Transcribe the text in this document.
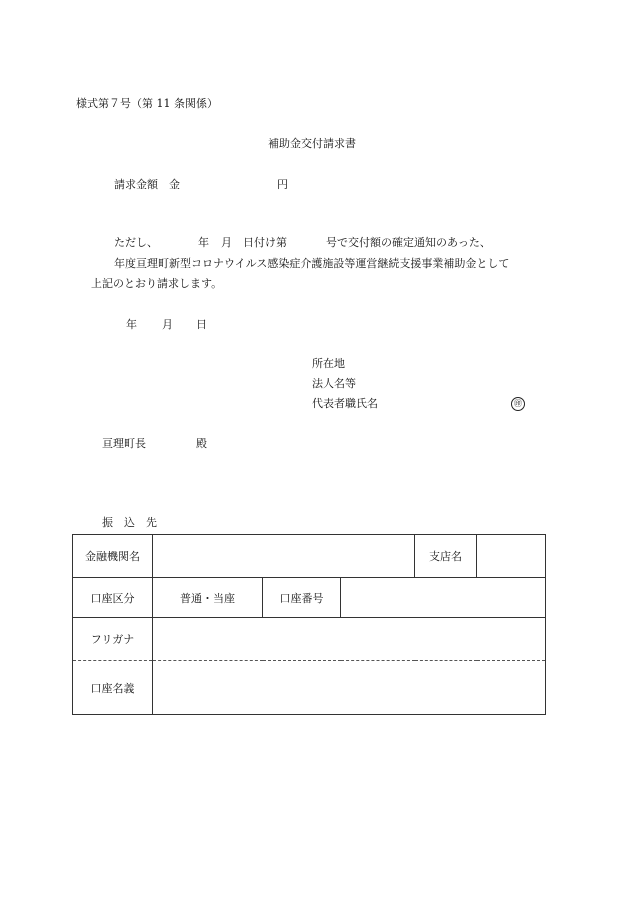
様式第７号（第 11 条関係）
補助金交付請求書
請求金額　金	円
ただし、	年 月 日付け第	号で交付額の確定通知のあった、
年度亘理町新型コロナウイルス感染症介護施設等運営継続支援事業補助金として
上記のとおり請求します。
年 月 日
所在地
法人名等
代表者職氏名	㊞
亘理町長	殿
振　込　先
金融機関名				支店名	
口座区分	普通・当座	口座番号			
フリガナ					
口座名義					
